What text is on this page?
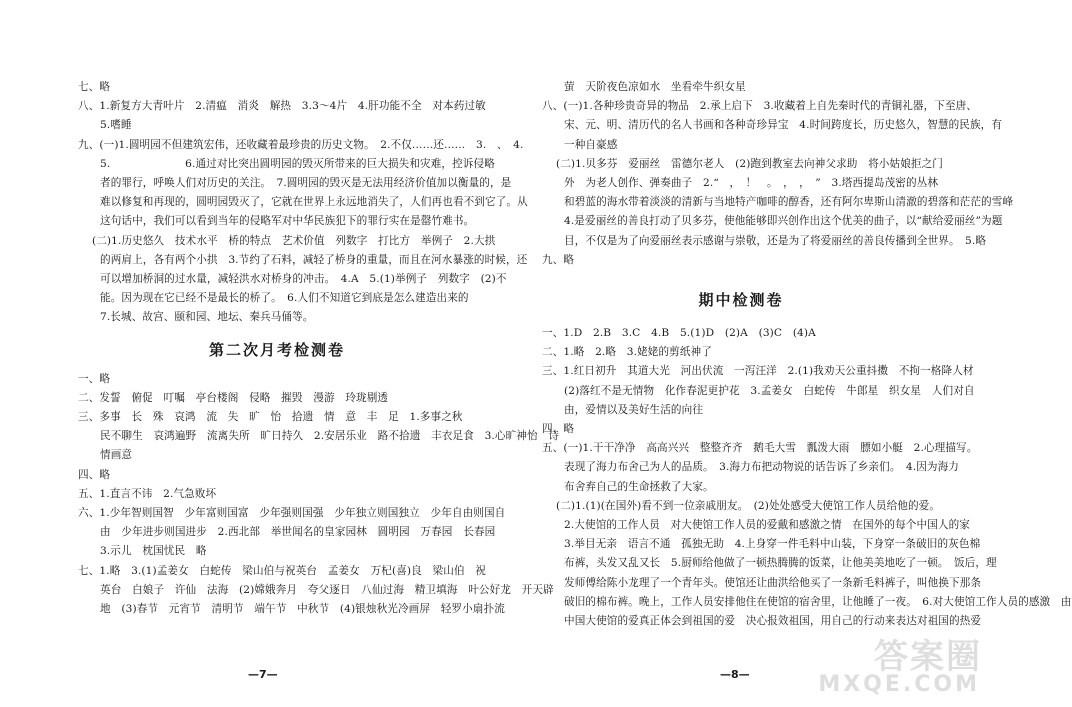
七、略
八、1.新复方大青叶片　2.清瘟　消炎　解热　3.3～4片　4.肝功能不全　对本药过敏
5.嗜睡
九、(一)1.圆明园不但建筑宏伟，还收藏着最珍贵的历史文物。　2.不仅……还……　3.　、　4.
5.　　　　　　　6.通过对比突出圆明园的毁灭所带来的巨大损失和灾难，控诉侵略
者的罪行，呼唤人们对历史的关注。　7.圆明园的毁灭是无法用经济价值加以衡量的，是
难以修复和再现的，圆明园毁灭了，它就在世界上永远地消失了，人们再也看不到它了。从
这句话中，我们可以看到当年的侵略军对中华民族犯下的罪行实在是罄竹难书。
(二)1.历史悠久　技术水平　桥的特点　艺术价值　列数字　打比方　举例子　2.大拱
的两肩上，各有两个小拱　3.节约了石料，减轻了桥身的重量，而且在河水暴涨的时候，还
可以增加桥洞的过水量，减轻洪水对桥身的冲击。　4.A　5.(1)举例子　列数字　(2)不
能。因为现在它已经不是最长的桥了。　6.人们不知道它到底是怎么建造出来的
7.长城、故宫、颐和园、地坛、秦兵马俑等。
第二次月考检测卷
一、略
二、发誓　俯促　叮嘱　亭台楼阁　侵略　摧毁　漫游　玲珑剔透
三、多事　长　殊　哀鸿　流　失　旷　怡　拾遗　情　意　丰　足　1.多事之秋
民不聊生　哀鸿遍野　流离失所　旷日持久　2.安居乐业　路不拾遗　丰衣足食　3.心旷神怡　诗
情画意
四、略
五、1.直言不讳　2.气急败坏
六、1.少年智则国智　少年富则国富　少年强则国强　少年独立则国独立　少年自由则国自
由　少年进步则国进步　2.西北部　举世闻名的皇家园林　圆明园　万春园　长春园
3.示儿　枕国忧民　略
七、1.略　3.(1)孟姜女　白蛇传　梁山伯与祝英台　孟姜女　万杞(喜)良　梁山伯　祝
英台　白娘子　许仙　法海　(2)嫦娥奔月　夸父逐日　八仙过海　精卫填海　叶公好龙　开天辟
地　(3)春节　元宵节　清明节　端午节　中秋节　(4)银烛秋光冷画屏　轻罗小扇扑流
—7—
萤　天阶夜色凉如水　坐看牵牛织女星
八、(一)1.各种珍贵奇异的物品　2.承上启下　3.收藏着上自先秦时代的青铜礼器，下至唐、
宋、元、明、清历代的名人书画和各种奇珍异宝　4.时间跨度长，历史悠久，智慧的民族，有
一种自豪感
(二)1.贝多芬　爱丽丝　雷德尔老人　(2)跑到教室去向神父求助　将小姑娘拒之门
外　为老人创作、弹奏曲子　2.“　，　！　。　，　，　”　3.塔西提岛茂密的丛林
和碧蓝的海水带着淡淡的清新与当地特产咖啡的醇香，还有阿尔卑斯山清澈的碧落和茫茫的雪峰
4.是爱丽丝的善良打动了贝多芬，使他能够即兴创作出这个优美的曲子，以“献给爱丽丝”为题
目，不仅是为了向爱丽丝表示感谢与崇敬，还是为了将爱丽丝的善良传播到全世界。　5.略
九、略
期中检测卷
一、1.D　2.B　3.C　4.B　5.(1)D　(2)A　(3)C　(4)A
二、1.略　2.略　3.姥姥的剪纸神了
三、1.红日初升　其道大光　河出伏流　一泻汪洋　2.(1)我劝天公重抖擞　不拘一格降人材
(2)落红不是无情物　化作春泥更护花　3.孟姜女　白蛇传　牛郎星　织女星　人们对自
由，爱情以及美好生活的向往
四、略
五、(一)1.干干净净　高高兴兴　整整齐齐　鹅毛大雪　瓢泼大雨　膘如小艇　2.心理描写。
表现了海力布舍己为人的品质。　3.海力布把动物说的话告诉了乡亲们。　4.因为海力
布舍弃自己的生命拯救了大家。
(二)1.(1)(在国外)看不到一位亲戚朋友。　(2)处处感受大使馆工作人员给他的爱。
2.大使馆的工作人员　对大使馆工作人员的爱戴和感激之情　在国外的每个中国人的家
3.举目无亲　语言不通　孤独无助　4.上身穿一件毛料中山装，下身穿一条破旧的灰色棉
布裤，头发又乱又长　5.厨师给他做了一顿热腾腾的饭菜，让他美美地吃了一顿。　饭后，理
发师傅给陈小龙理了一个青年头。使馆还让曲洪给他买了一条新毛料裤子，叫他换下那条
破旧的棉布裤。晚上，工作人员安排他住在使馆的宿舍里，让他睡了一夜。　6.对大使馆工作人员的感激　由
中国大使馆的爱真正体会到祖国的爱　决心报效祖国，用自己的行动来表达对祖国的热爱
—8—	答案圈
MXQE.COM
